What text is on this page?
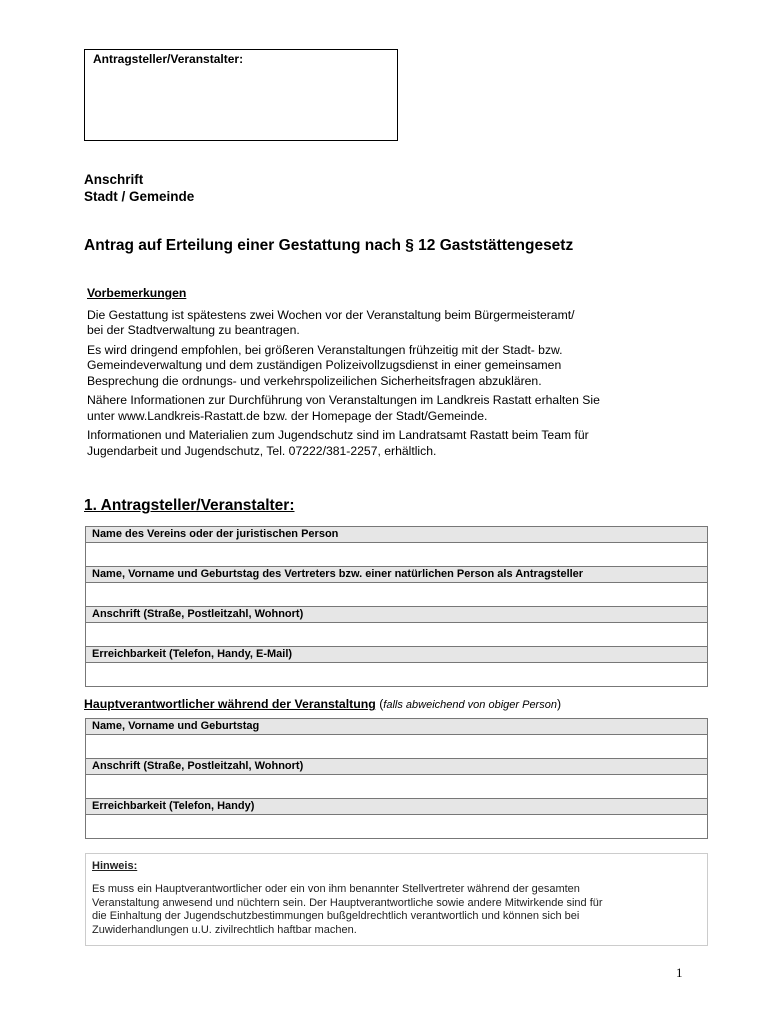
Antragsteller/Veranstalter:
Anschrift
Stadt / Gemeinde
Antrag auf Erteilung einer Gestattung nach § 12 Gaststättengesetz
Vorbemerkungen

Die Gestattung ist spätestens zwei Wochen vor der Veranstaltung beim Bürgermeisteramt/
bei der Stadtverwaltung zu beantragen.

Es wird dringend empfohlen, bei größeren Veranstaltungen frühzeitig mit der Stadt- bzw.
Gemeindeverwaltung und dem zuständigen Polizeivollzugsdienst in einer gemeinsamen
Besprechung die ordnungs- und verkehrspolizeilichen Sicherheitsfragen abzuklären.

Nähere Informationen zur Durchführung von Veranstaltungen im Landkreis Rastatt erhalten Sie
unter www.Landkreis-Rastatt.de bzw. der Homepage der Stadt/Gemeinde.

Informationen und Materialien zum Jugendschutz sind im Landratsamt Rastatt beim Team für
Jugendarbeit und Jugendschutz, Tel. 07222/381-2257, erhältlich.

1. Antragsteller/Veranstalter:
Name des Vereins oder der juristischen Person
Name, Vorname und Geburtstag des Vertreters bzw. einer natürlichen Person als Antragsteller
Anschrift (Straße, Postleitzahl, Wohnort)
Erreichbarkeit (Telefon, Handy, E-Mail)
Hauptverantwortlicher während der Veranstaltung (falls abweichend von obiger Person)
Name, Vorname und Geburtstag
Anschrift (Straße, Postleitzahl, Wohnort)
Erreichbarkeit (Telefon, Handy)
Hinweis:
Es muss ein Hauptverantwortlicher oder ein von ihm benannter Stellvertreter während der gesamten
Veranstaltung anwesend und nüchtern sein. Der Hauptverantwortliche sowie andere Mitwirkende sind für
die Einhaltung der Jugendschutzbestimmungen bußgeldrechtlich verantwortlich und können sich bei
Zuwiderhandlungen u.U. zivilrechtlich haftbar machen.
1
